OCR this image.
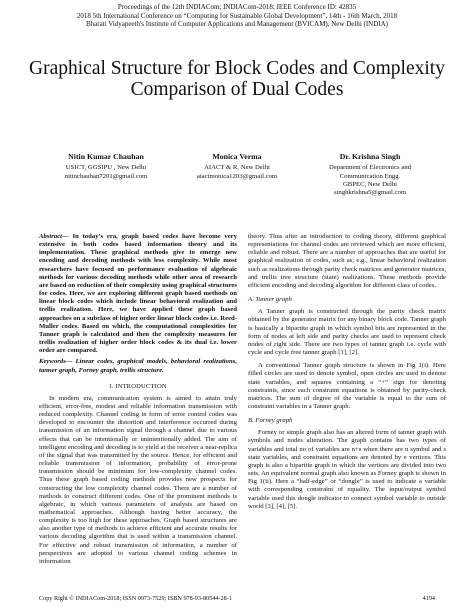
Proceedings of the 12th INDIACom; INDIACom-2018; IEEE Conference ID: 42835
2018 5th International Conference on “Computing for Sustainable Global Development”, 14th - 16th March, 2018
Bharati Vidyapeeth's Institute of Computer Applications and Management (BVICAM), New Delhi (INDIA)
Graphical Structure for Block Codes and Complexity Comparison of Dual Codes
Nitin Kumar Chauhan
USICT, GGSIPU , New Delhi
nitinchauhan7201@gmail.com
Monica Verma
AIACT & R, New Delhi
aiactmonica1203@gmail.com
Dr. Krishna Singh
Department of Electronics and
Communication Engg.
GBPEC, New Delhi
singhkrishna5@gmail.com

Abstract— In today’s era, graph based codes have become very extensive in both codes based information theory and its implementation. These graphical methods give to emerge new encoding and decoding methods with less complexity. While most researchers have focused on performance evaluation of algebraic methods for various decoding methods while other area of research are based on reduction of their complexity using graphical structures for codes. Here, we are exploring different graph based methods on linear block codes which include linear behavioral realization and trellis realization. Here, we have applied these graph based approaches on a subclass of higher order linear block codes i.e. Reed-Muller codes. Based on which, the computational complexities for Tanner graph is calculated and then the complexity measures for trellis realization of higher order block codes & its dual i.e. lower order are compared.

Keywords— Linear codes, graphical models, behavioral realizations, tanner graph, Forney graph, trellis structure.

I. INTRODUCTION

In modern era, communication system is aimed to attain truly efficient, error-free, modest and reliable information transmission with reduced complexity. Channel coding in form of error control codes was developed to encounter the distortion and interference occurred during transmission of an information signal through a channel due to various effects that can be intentionally or unintentionally added. The aim of intelligent encoding and decoding is to yield at the receiver a near-replica of the signal that was transmitted by the source. Hence, for efficient and reliable transmission of information, probability of error-prone transmission should be minimum for low-complexity channel codes. Thus these graph based coding methods provides new prospects for constructing the low complexity channel codes. There are a number of methods to construct different codes. One of the prominent methods is algebraic, in which various parameters of analysis are based on mathematical approaches. Although having better accuracy, the complexity is too high for these approaches. Graph based structures are also another type of methods to achieve efficient and accurate results for various decoding algorithm that is used within a transmission channel. For effective and robust transmission of information, a number of perspectives are adopted to various channel coding schemes in information

theory. Thus after an introduction to coding theory, different graphical representations for channel codes are reviewed which are more efficient, reliable and robust. There are a number of approaches that are useful for graphical realization of codes, such as; e.g., linear behavioral realization such as realizations through parity check matrices and generator matrices, and trellis tree structure (state) realizations. These methods provide efficient encoding and decoding algorithm for different class of codes.

A. Tanner graph

A Tanner graph is constructed through the parity check matrix obtained by the generator matrix for any binary block code. Tanner graph is basically a bipartite graph in which symbol bits are represented in the form of nodes at left side and parity checks are used to represent check nodes of right side. There are two types of tanner graph i.e. cycle with cycle and cycle free tanner graph [1], [2].

A conventional Tanner graph structure is shown in Fig 1(i). Here filled circles are used to denote symbol, open circles are used to denote state variables, and squares containing a “+” sign for denoting constraints, since each constraint equations is obtained by parity-check matrices. The sum of degree of the variable is equal to the sum of constraint variables in a Tanner graph.

B. Forney graph

Forney or simple graph also has an altered form of tanner graph with symbols and nodes alteration. The graph contains has two types of variables and total no of variables are n+s when there are n symbol and s state variables, and constraint equations are denoted by e vertices. This graph is also a bipartite graph in which the vertices are divided into two sets. An equivalent normal graph also known as Forney graph is shown in Fig 1(ii). Here a “half-edge” or “dongle” is used to indicate a variable with corresponding constraint of equality. The input/output symbol variable used this dongle indicator to connect symbol variable to outside world [3], [4], [5].

Copy Right © INDIACom-2018; ISSN 0973-7529; ISBN 978-93-80544-28-1	4194
